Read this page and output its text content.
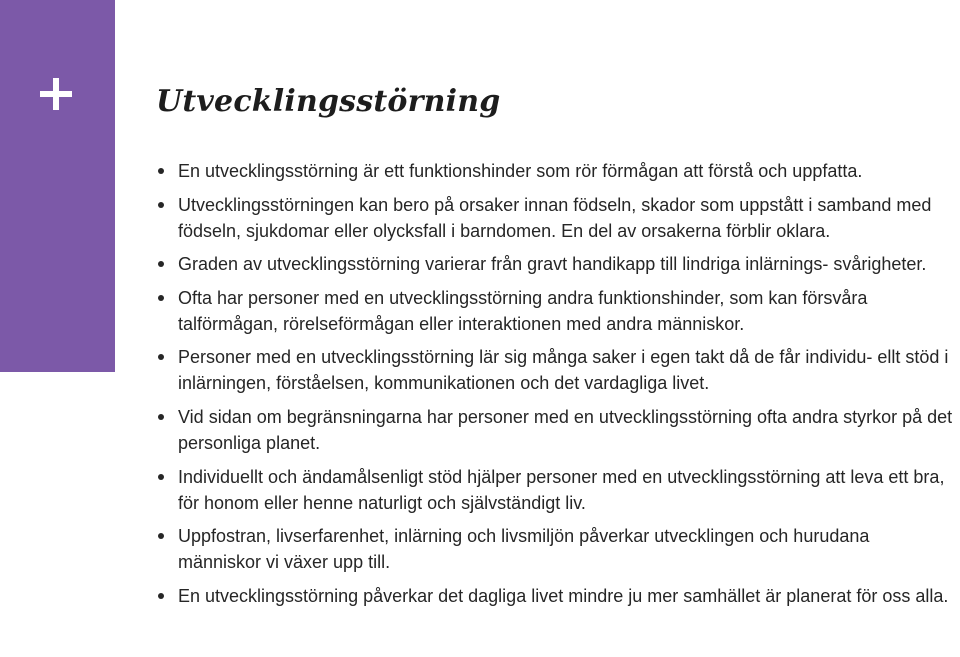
Utvecklingsstörning
En utvecklingsstörning är ett funktionshinder som rör förmågan att förstå och uppfatta.
Utvecklingsstörningen kan bero på orsaker innan födseln, skador som uppstått i samband med födseln, sjukdomar eller olycksfall i barndomen. En del av orsakerna förblir oklara.
Graden av utvecklingsstörning varierar från gravt handikapp till lindriga inlärnings- svårigheter.
Ofta har personer med en utvecklingsstörning andra funktionshinder, som kan försvåra talförmågan, rörelseförmågan eller interaktionen med andra människor.
Personer med en utvecklingsstörning lär sig många saker i egen takt då de får individu- ellt stöd i inlärningen, förståelsen, kommunikationen och det vardagliga livet.
Vid sidan om begränsningarna har personer med en utvecklingsstörning ofta andra styrkor på det personliga planet.
Individuellt och ändamålsenligt stöd hjälper personer med en utvecklingsstörning att leva ett bra, för honom eller henne naturligt och självständigt liv.
Uppfostran, livserfarenhet, inlärning och livsmiljön påverkar utvecklingen och hurudana människor vi växer upp till.
En utvecklingsstörning påverkar det dagliga livet mindre ju mer samhället är planerat för oss alla.
